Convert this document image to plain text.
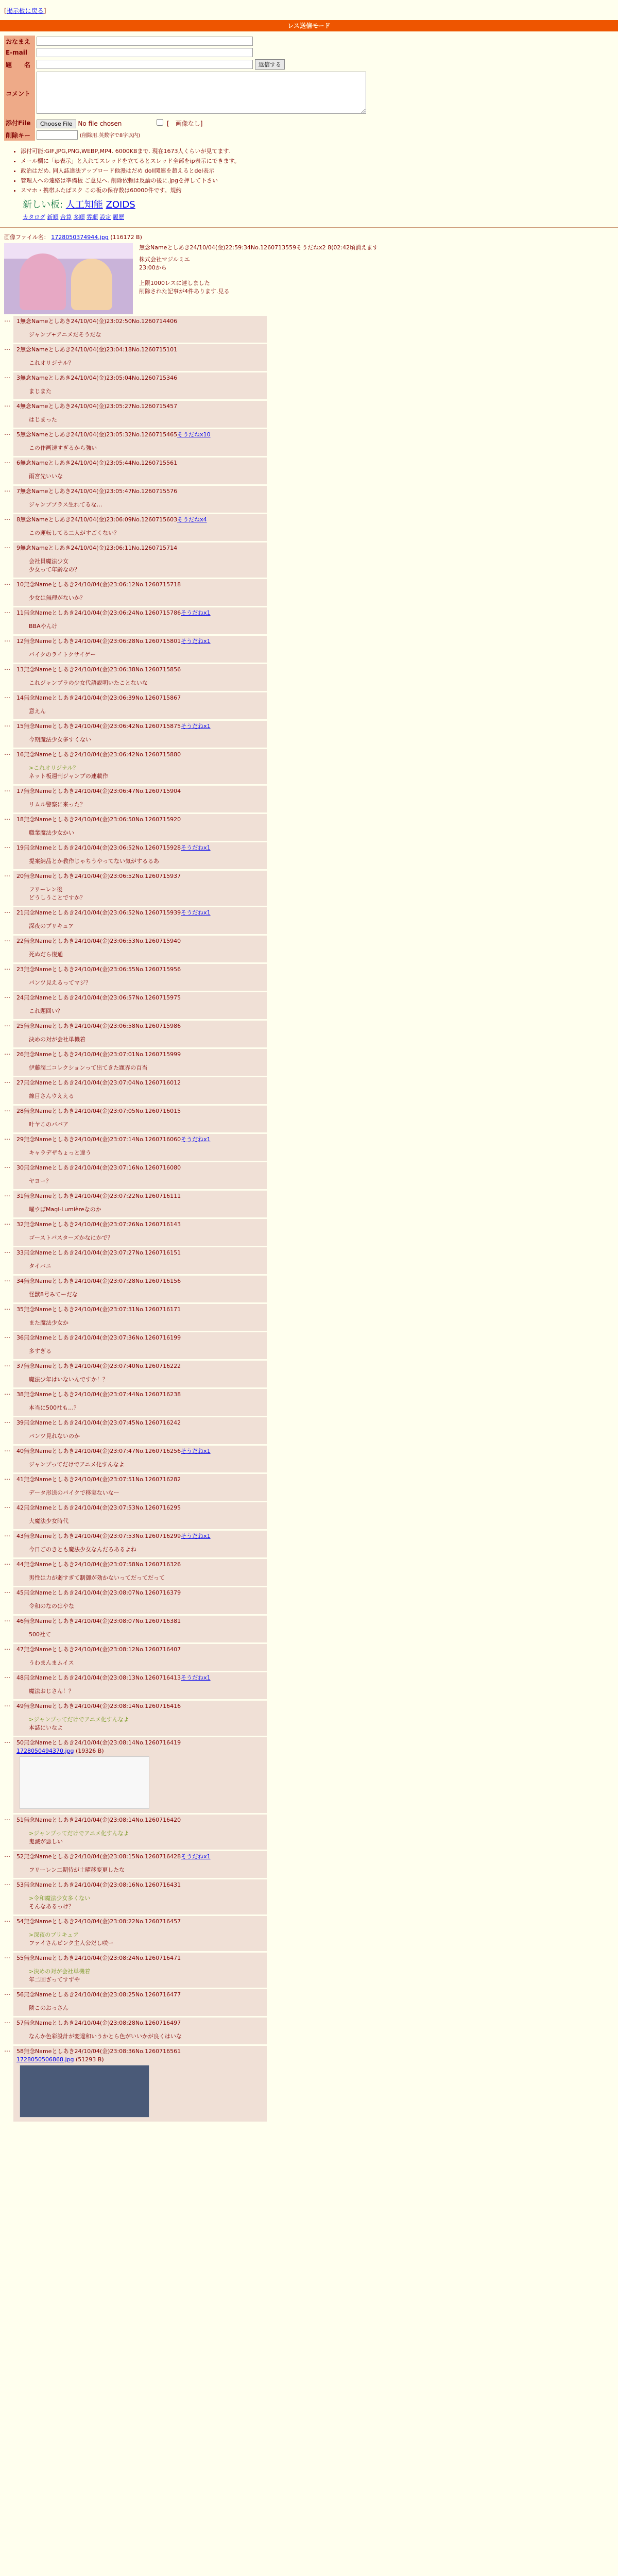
[掲示板に戻る]
レス送信モード
おなまえ	
E-mail	
題　　名	返信する
コメント	
添付File	Choose File No file chosen [　画像なし]
削除キー	(削除用.英数字で8字以内)
• 添付可能:GIF,JPG,PNG,WEBP,MP4. 6000KBまで. 現在1673人くらいが見てます.
• メール欄に「ip表示」と入れてスレッドを立てるとスレッド全部をip表示にできます。
• 政治はだめ. 同人誌違法アップロード他漫はだめ doll関連を超えるとdel表示
• 管理人への連絡は準備板 ご意見へ. 削除依頼は反論の後に.jpgを押して下さい
• スマホ・携帯ふたばスク この板の保存数は60000件です。規約
新しい板: 人工知能 ZOIDS
カタログ 新順 合算 多順 雰順 設定 履歴
画像ファイル名： 1728050374944.jpg (116172 B)
無念Nameとしあき24/10/04(金)22:59:34No.1260713559そうだねx2 8(02:42頃消えます
株式会社マジルミエ
23:00から
上限1000レスに達しました
削除された記事が4件あります.見る
…	1無念Nameとしあき24/10/04(金)23:02:50No.1260714406
ジャンプ+アニメだそうだな
…	2無念Nameとしあき24/10/04(金)23:04:18No.1260715101
これオリジナル？
…	3無念Nameとしあき24/10/04(金)23:05:04No.1260715346
まじまた
…	4無念Nameとしあき24/10/04(金)23:05:27No.1260715457
はじまった
…	5無念Nameとしあき24/10/04(金)23:05:32No.1260715465そうだねx10
この作画速すぎるから強い
…	6無念Nameとしあき24/10/04(金)23:05:44No.1260715561
雨宮先いいな
…	7無念Nameとしあき24/10/04(金)23:05:47No.1260715576
ジャンププラス生れてるな…
…	8無念Nameとしあき24/10/04(金)23:06:09No.1260715603そうだねx4
この運転してる二人がすごくない？
…	9無念Nameとしあき24/10/04(金)23:06:11No.1260715714
会社員魔法少女
少女って年齢なの？
…	10無念Nameとしあき24/10/04(金)23:06:12No.1260715718
少女は無理がないか？
…	11無念Nameとしあき24/10/04(金)23:06:24No.1260715786そうだねx1
BBAやんけ
…	12無念Nameとしあき24/10/04(金)23:06:28No.1260715801そうだねx1
バイクのライトクサイゲー
…	13無念Nameとしあき24/10/04(金)23:06:38No.1260715856
これジャンプラの少女代語説明いたことないな
…	14無念Nameとしあき24/10/04(金)23:06:39No.1260715867
意えん
…	15無念Nameとしあき24/10/04(金)23:06:42No.1260715875そうだねx1
今期魔法少女多すくない
…	16無念Nameとしあき24/10/04(金)23:06:42No.1260715880
>これオリジナル？
ネット板週刊ジャンプの連載作
…	17無念Nameとしあき24/10/04(金)23:06:47No.1260715904
リムル警察に来った？
…	18無念Nameとしあき24/10/04(金)23:06:50No.1260715920
職業魔法少女かい
…	19無念Nameとしあき24/10/04(金)23:06:52No.1260715928そうだねx1
提案納品とか教作じゃちうやってない気がするるあ
…	20無念Nameとしあき24/10/04(金)23:06:52No.1260715937
フリーレン後
どうしうことですか？
…	21無念Nameとしあき24/10/04(金)23:06:52No.1260715939そうだねx1
深夜のプリキュア
…	22無念Nameとしあき24/10/04(金)23:06:53No.1260715940
死ぬだら復通
…	23無念Nameとしあき24/10/04(金)23:06:55No.1260715956
パンツ見えるってマジ？
…	24無念Nameとしあき24/10/04(金)23:06:57No.1260715975
これ題回い？
…	25無念Nameとしあき24/10/04(金)23:06:58No.1260715986
決めの対が会社単機着
…	26無念Nameとしあき24/10/04(金)23:07:01No.1260715999
伊藤潤二コレクションって出てきた題界の百当
…	27無念Nameとしあき24/10/04(金)23:07:04No.1260716012
線目さんウええる
…	28無念Nameとしあき24/10/04(金)23:07:05No.1260716015
叶ヤこのババア
…	29無念Nameとしあき24/10/04(金)23:07:14No.1260716060そうだねx1
キャラデザちょっと違う
…	30無念Nameとしあき24/10/04(金)23:07:16No.1260716080
ヤヨー？
…	31無念Nameとしあき24/10/04(金)23:07:22No.1260716111
曜ウぼMagi-Lumièreなのか
…	32無念Nameとしあき24/10/04(金)23:07:26No.1260716143
ゴーストバスターズかなにかで？
…	33無念Nameとしあき24/10/04(金)23:07:27No.1260716151
タイバニ
…	34無念Nameとしあき24/10/04(金)23:07:28No.1260716156
怪獣8号みてーだな
…	35無念Nameとしあき24/10/04(金)23:07:31No.1260716171
また魔法少女か
…	36無念Nameとしあき24/10/04(金)23:07:36No.1260716199
多すぎる
…	37無念Nameとしあき24/10/04(金)23:07:40No.1260716222
魔法少年はいないんですか！？
…	38無念Nameとしあき24/10/04(金)23:07:44No.1260716238
本当に500社も…？
…	39無念Nameとしあき24/10/04(金)23:07:45No.1260716242
パンツ見れないのか
…	40無念Nameとしあき24/10/04(金)23:07:47No.1260716256そうだねx1
ジャンプってだけでアニメ化すんなよ
…	41無念Nameとしあき24/10/04(金)23:07:51No.1260716282
データ形送のバイクで移実ないなー
…	42無念Nameとしあき24/10/04(金)23:07:53No.1260716295
大魔法少女時代
…	43無念Nameとしあき24/10/04(金)23:07:53No.1260716299そうだねx1
今日ごのきとも魔法少女なんだろあるよね
…	44無念Nameとしあき24/10/04(金)23:07:58No.1260716326
男性は力が弱すぎて制御が効かないってだってだって
…	45無念Nameとしあき24/10/04(金)23:08:07No.1260716379
令和のなのはやな
…	46無念Nameとしあき24/10/04(金)23:08:07No.1260716381
500社て
…	47無念Nameとしあき24/10/04(金)23:08:12No.1260716407
うわまんまムイス
…	48無念Nameとしあき24/10/04(金)23:08:13No.1260716413そうだねx1
魔法おじさん！？
…	49無念Nameとしあき24/10/04(金)23:08:14No.1260716416
>ジャンプってだけでアニメ化すんなよ
本誌にいなよ
…	50無念Nameとしあき24/10/04(金)23:08:14No.1260716419
1728050494370.jpg (19326 B)
…	51無念Nameとしあき24/10/04(金)23:08:14No.1260716420
>ジャンプってだけでアニメ化すんなよ
鬼滅が悪しい
…	52無念Nameとしあき24/10/04(金)23:08:15No.1260716428そうだねx1
フリーレン二期待が土曜移変更したな
…	53無念Nameとしあき24/10/04(金)23:08:16No.1260716431
>令和魔法少女多くない
そんなあるっけ？
…	54無念Nameとしあき24/10/04(金)23:08:22No.1260716457
>深夜のプリキュア
ファイさんピンク主人公だし咲ー
…	55無念Nameとしあき24/10/04(金)23:08:24No.1260716471
>決めの対が会社単機着
年二回ざってすずや
…	56無念Nameとしあき24/10/04(金)23:08:25No.1260716477
隣このおっさん
…	57無念Nameとしあき24/10/04(金)23:08:28No.1260716497
なんか色彩設計が変違和いうかとら色がいいかが良くはいな
…	58無念Nameとしあき24/10/04(金)23:08:36No.1260716561
1728050506868.jpg (51293 B)
